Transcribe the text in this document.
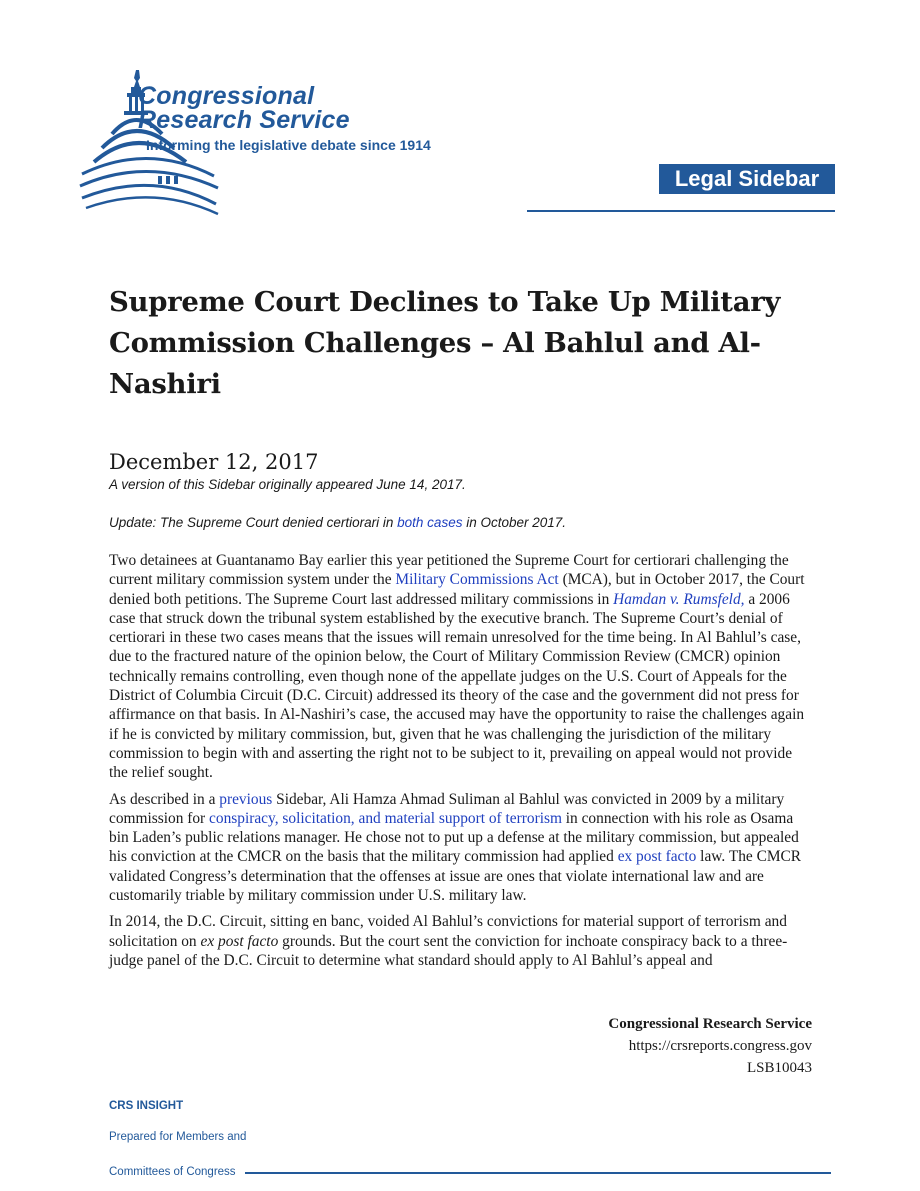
Congressional
Research Service
Informing the legislative debate since 1914
Legal Sidebar
Supreme Court Declines to Take Up Military Commission Challenges – Al Bahlul and Al-Nashiri
December 12, 2017
A version of this Sidebar originally appeared June 14, 2017.
Update: The Supreme Court denied certiorari in both cases in October 2017.

Two detainees at Guantanamo Bay earlier this year petitioned the Supreme Court for certiorari challenging the current military commission system under the Military Commissions Act (MCA), but in October 2017, the Court denied both petitions. The Supreme Court last addressed military commissions in Hamdan v. Rumsfeld, a 2006 case that struck down the tribunal system established by the executive branch. The Supreme Court’s denial of certiorari in these two cases means that the issues will remain unresolved for the time being. In Al Bahlul’s case, due to the fractured nature of the opinion below, the Court of Military Commission Review (CMCR) opinion technically remains controlling, even though none of the appellate judges on the U.S. Court of Appeals for the District of Columbia Circuit (D.C. Circuit) addressed its theory of the case and the government did not press for affirmance on that basis. In Al-Nashiri’s case, the accused may have the opportunity to raise the challenges again if he is convicted by military commission, but, given that he was challenging the jurisdiction of the military commission to begin with and asserting the right not to be subject to it, prevailing on appeal would not provide the relief sought.

As described in a previous Sidebar, Ali Hamza Ahmad Suliman al Bahlul was convicted in 2009 by a military commission for conspiracy, solicitation, and material support of terrorism in connection with his role as Osama bin Laden’s public relations manager. He chose not to put up a defense at the military commission, but appealed his conviction at the CMCR on the basis that the military commission had applied ex post facto law. The CMCR validated Congress’s determination that the offenses at issue are ones that violate international law and are customarily triable by military commission under U.S. military law.

In 2014, the D.C. Circuit, sitting en banc, voided Al Bahlul’s convictions for material support of terrorism and solicitation on ex post facto grounds. But the court sent the conviction for inchoate conspiracy back to a three-judge panel of the D.C. Circuit to determine what standard should apply to Al Bahlul’s appeal and

Congressional Research Service
https://crsreports.congress.gov
LSB10043
CRS INSIGHT
Prepared for Members and
Committees of Congress
